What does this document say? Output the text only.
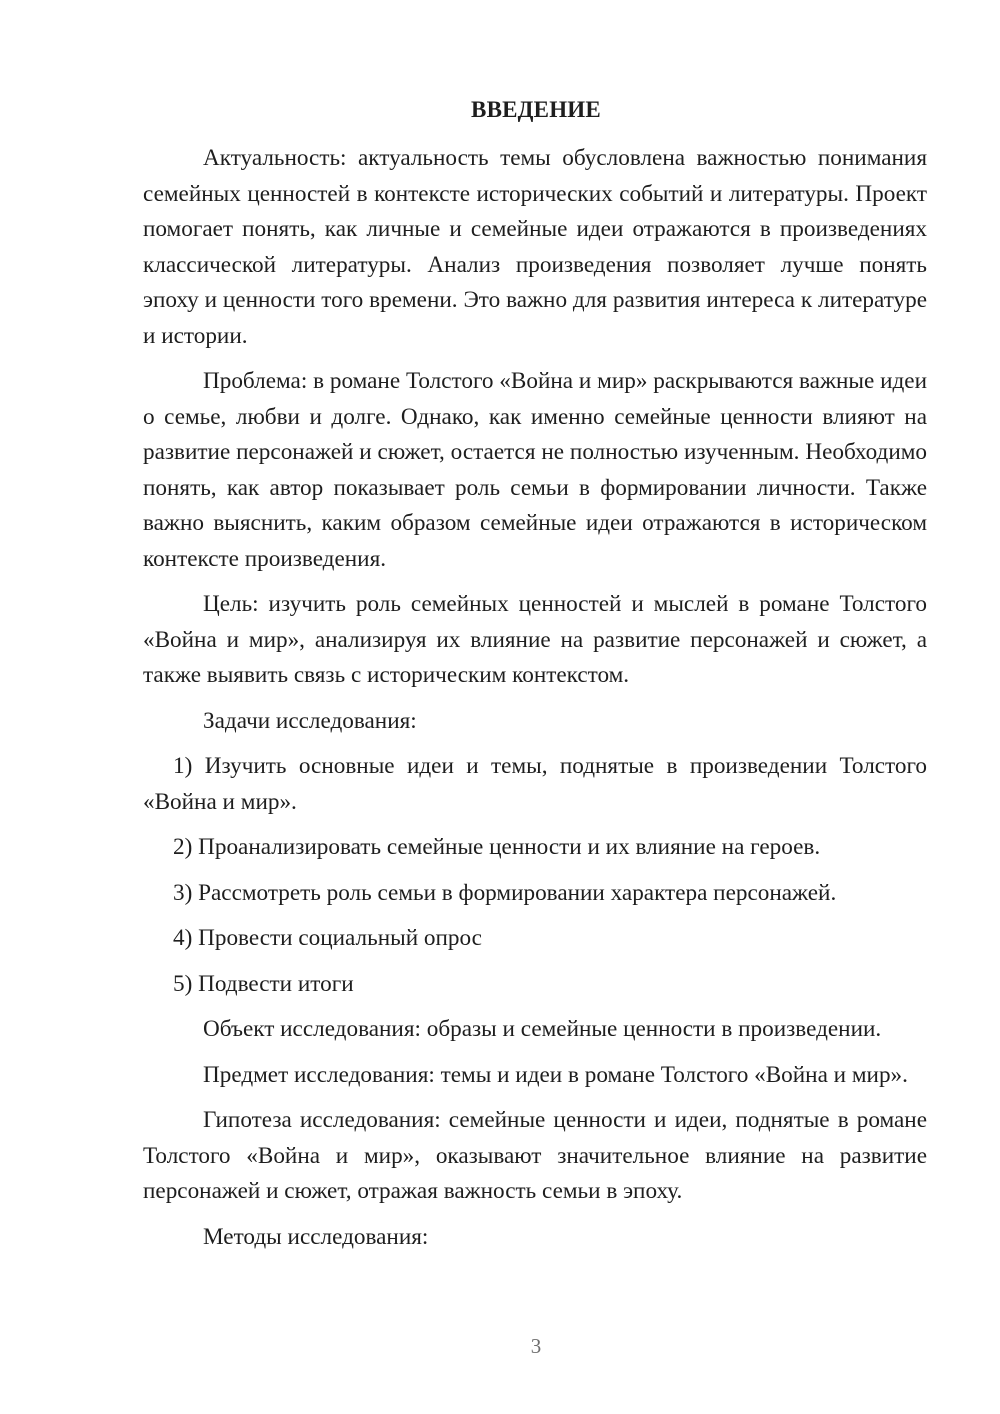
ВВЕДЕНИЕ

Актуальность: актуальность темы обусловлена важностью понимания семейных ценностей в контексте исторических событий и литературы. Проект помогает понять, как личные и семейные идеи отражаются в произведениях классической литературы. Анализ произведения позволяет лучше понять эпоху и ценности того времени. Это важно для развития интереса к литературе и истории.

Проблема: в романе Толстого «Война и мир» раскрываются важные идеи о семье, любви и долге. Однако, как именно семейные ценности влияют на развитие персонажей и сюжет, остается не полностью изученным. Необходимо понять, как автор показывает роль семьи в формировании личности. Также важно выяснить, каким образом семейные идеи отражаются в историческом контексте произведения.

Цель: изучить роль семейных ценностей и мыслей в романе Толстого «Война и мир», анализируя их влияние на развитие персонажей и сюжет, а также выявить связь с историческим контекстом.

Задачи исследования:

1) Изучить основные идеи и темы, поднятые в произведении Толстого «Война и мир».

2) Проанализировать семейные ценности и их влияние на героев.

3) Рассмотреть роль семьи в формировании характера персонажей.

4) Провести социальный опрос

5) Подвести итоги

Объект исследования: образы и семейные ценности в произведении.

Предмет исследования: темы и идеи в романе Толстого «Война и мир».

Гипотеза исследования: семейные ценности и идеи, поднятые в романе Толстого «Война и мир», оказывают значительное влияние на развитие персонажей и сюжет, отражая важность семьи в эпоху.

Методы исследования:

3
